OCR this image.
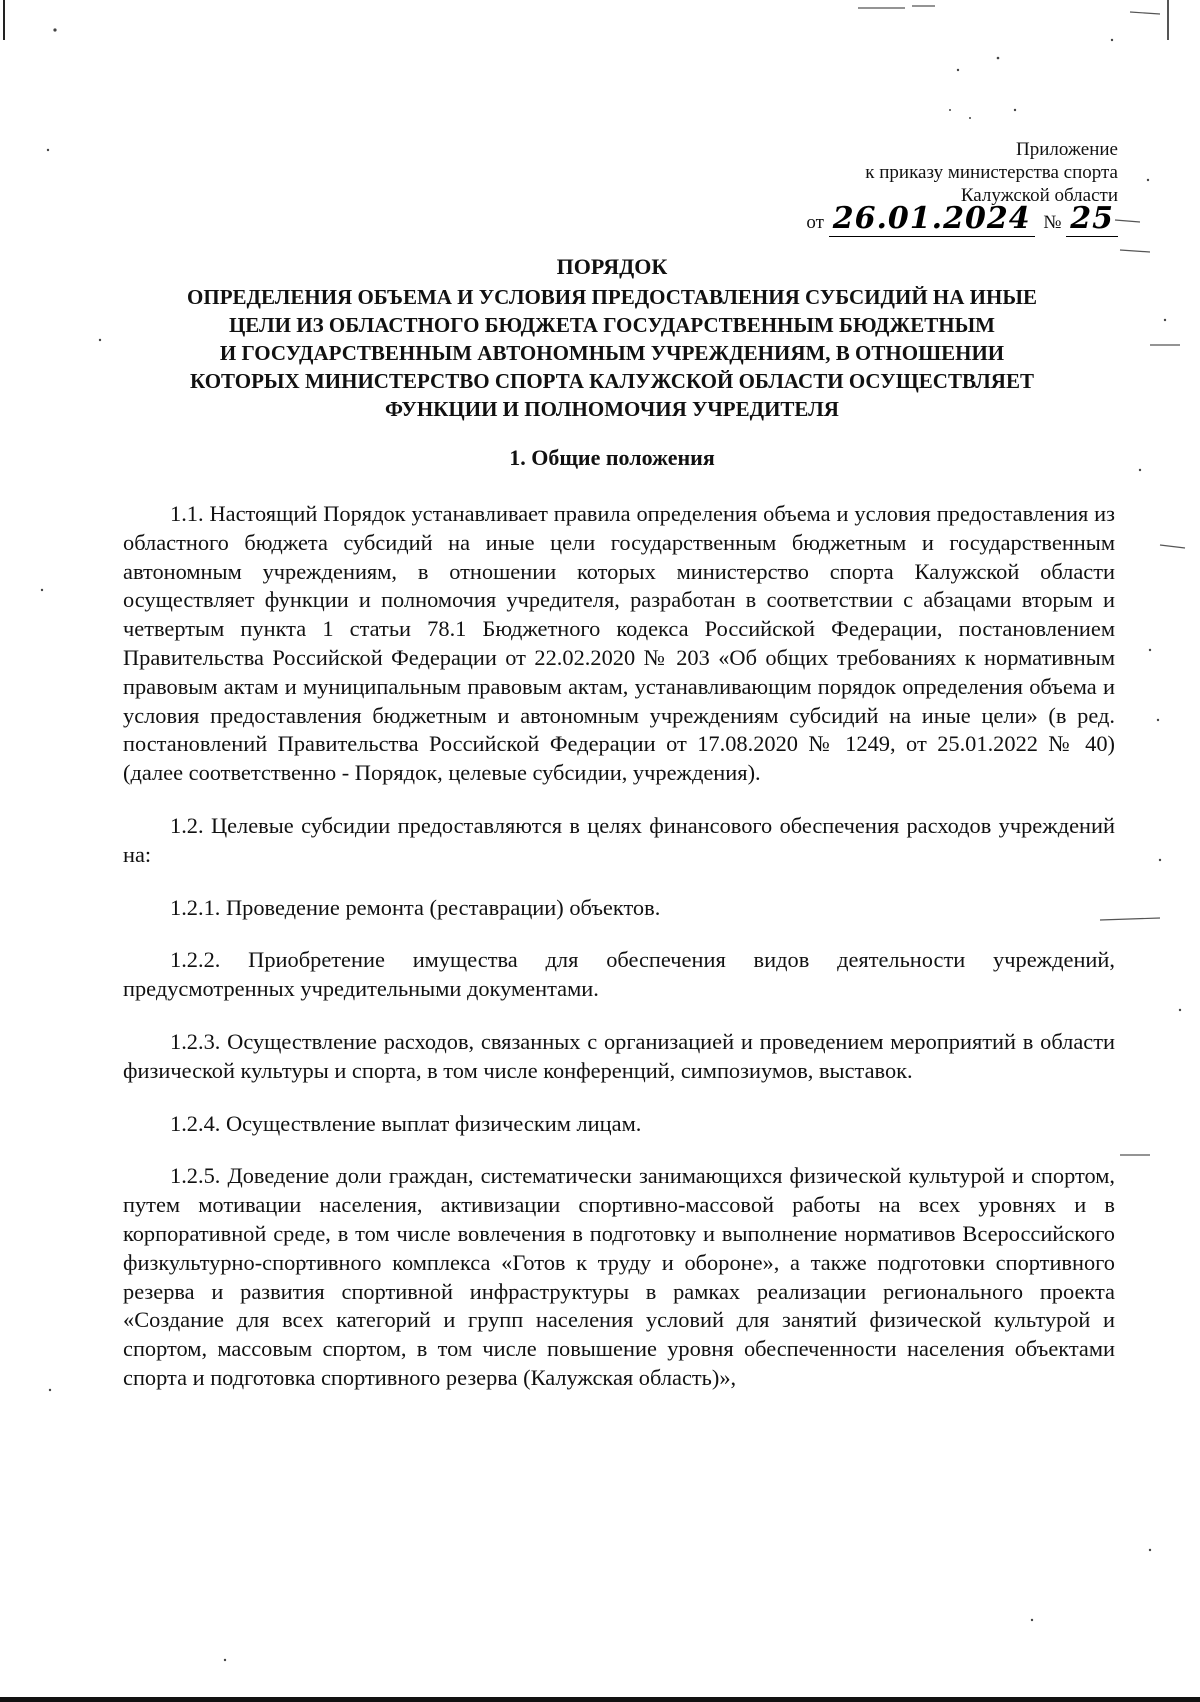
Приложение
к приказу министерства спорта
Калужской области
от 26.01.2024 № 25
ПОРЯДОК
ОПРЕДЕЛЕНИЯ ОБЪЕМА И УСЛОВИЯ ПРЕДОСТАВЛЕНИЯ СУБСИДИЙ НА ИНЫЕ
ЦЕЛИ ИЗ ОБЛАСТНОГО БЮДЖЕТА ГОСУДАРСТВЕННЫМ БЮДЖЕТНЫМ
И ГОСУДАРСТВЕННЫМ АВТОНОМНЫМ УЧРЕЖДЕНИЯМ, В ОТНОШЕНИИ
КОТОРЫХ МИНИСТЕРСТВО СПОРТА КАЛУЖСКОЙ ОБЛАСТИ ОСУЩЕСТВЛЯЕТ
ФУНКЦИИ И ПОЛНОМОЧИЯ УЧРЕДИТЕЛЯ
1. Общие положения

1.1. Настоящий Порядок устанавливает правила определения объема и условия предоставления из областного бюджета субсидий на иные цели государственным бюджетным и государственным автономным учреждениям, в отношении которых министерство спорта Калужской области осуществляет функции и полномочия учредителя, разработан в соответствии с абзацами вторым и четвертым пункта 1 статьи 78.1 Бюджетного кодекса Российской Федерации, постановлением Правительства Российской Федерации от 22.02.2020 № 203 «Об общих требованиях к нормативным правовым актам и муниципальным правовым актам, устанавливающим порядок определения объема и условия предоставления бюджетным и автономным учреждениям субсидий на иные цели» (в ред. постановлений Правительства Российской Федерации от 17.08.2020 № 1249, от 25.01.2022 № 40) (далее соответственно - Порядок, целевые субсидии, учреждения).

1.2. Целевые субсидии предоставляются в целях финансового обеспечения расходов учреждений на:

1.2.1. Проведение ремонта (реставрации) объектов.

1.2.2. Приобретение имущества для обеспечения видов деятельности учреждений, предусмотренных учредительными документами.

1.2.3. Осуществление расходов, связанных с организацией и проведением мероприятий в области физической культуры и спорта, в том числе конференций, симпозиумов, выставок.

1.2.4. Осуществление выплат физическим лицам.

1.2.5. Доведение доли граждан, систематически занимающихся физической культурой и спортом, путем мотивации населения, активизации спортивно-массовой работы на всех уровнях и в корпоративной среде, в том числе вовлечения в подготовку и выполнение нормативов Всероссийского физкультурно-спортивного комплекса «Готов к труду и обороне», а также подготовки спортивного резерва и развития спортивной инфраструктуры в рамках реализации регионального проекта «Создание для всех категорий и групп населения условий для занятий физической культурой и спортом, массовым спортом, в том числе повышение уровня обеспеченности населения объектами спорта и подготовка спортивного резерва (Калужская область)»,
